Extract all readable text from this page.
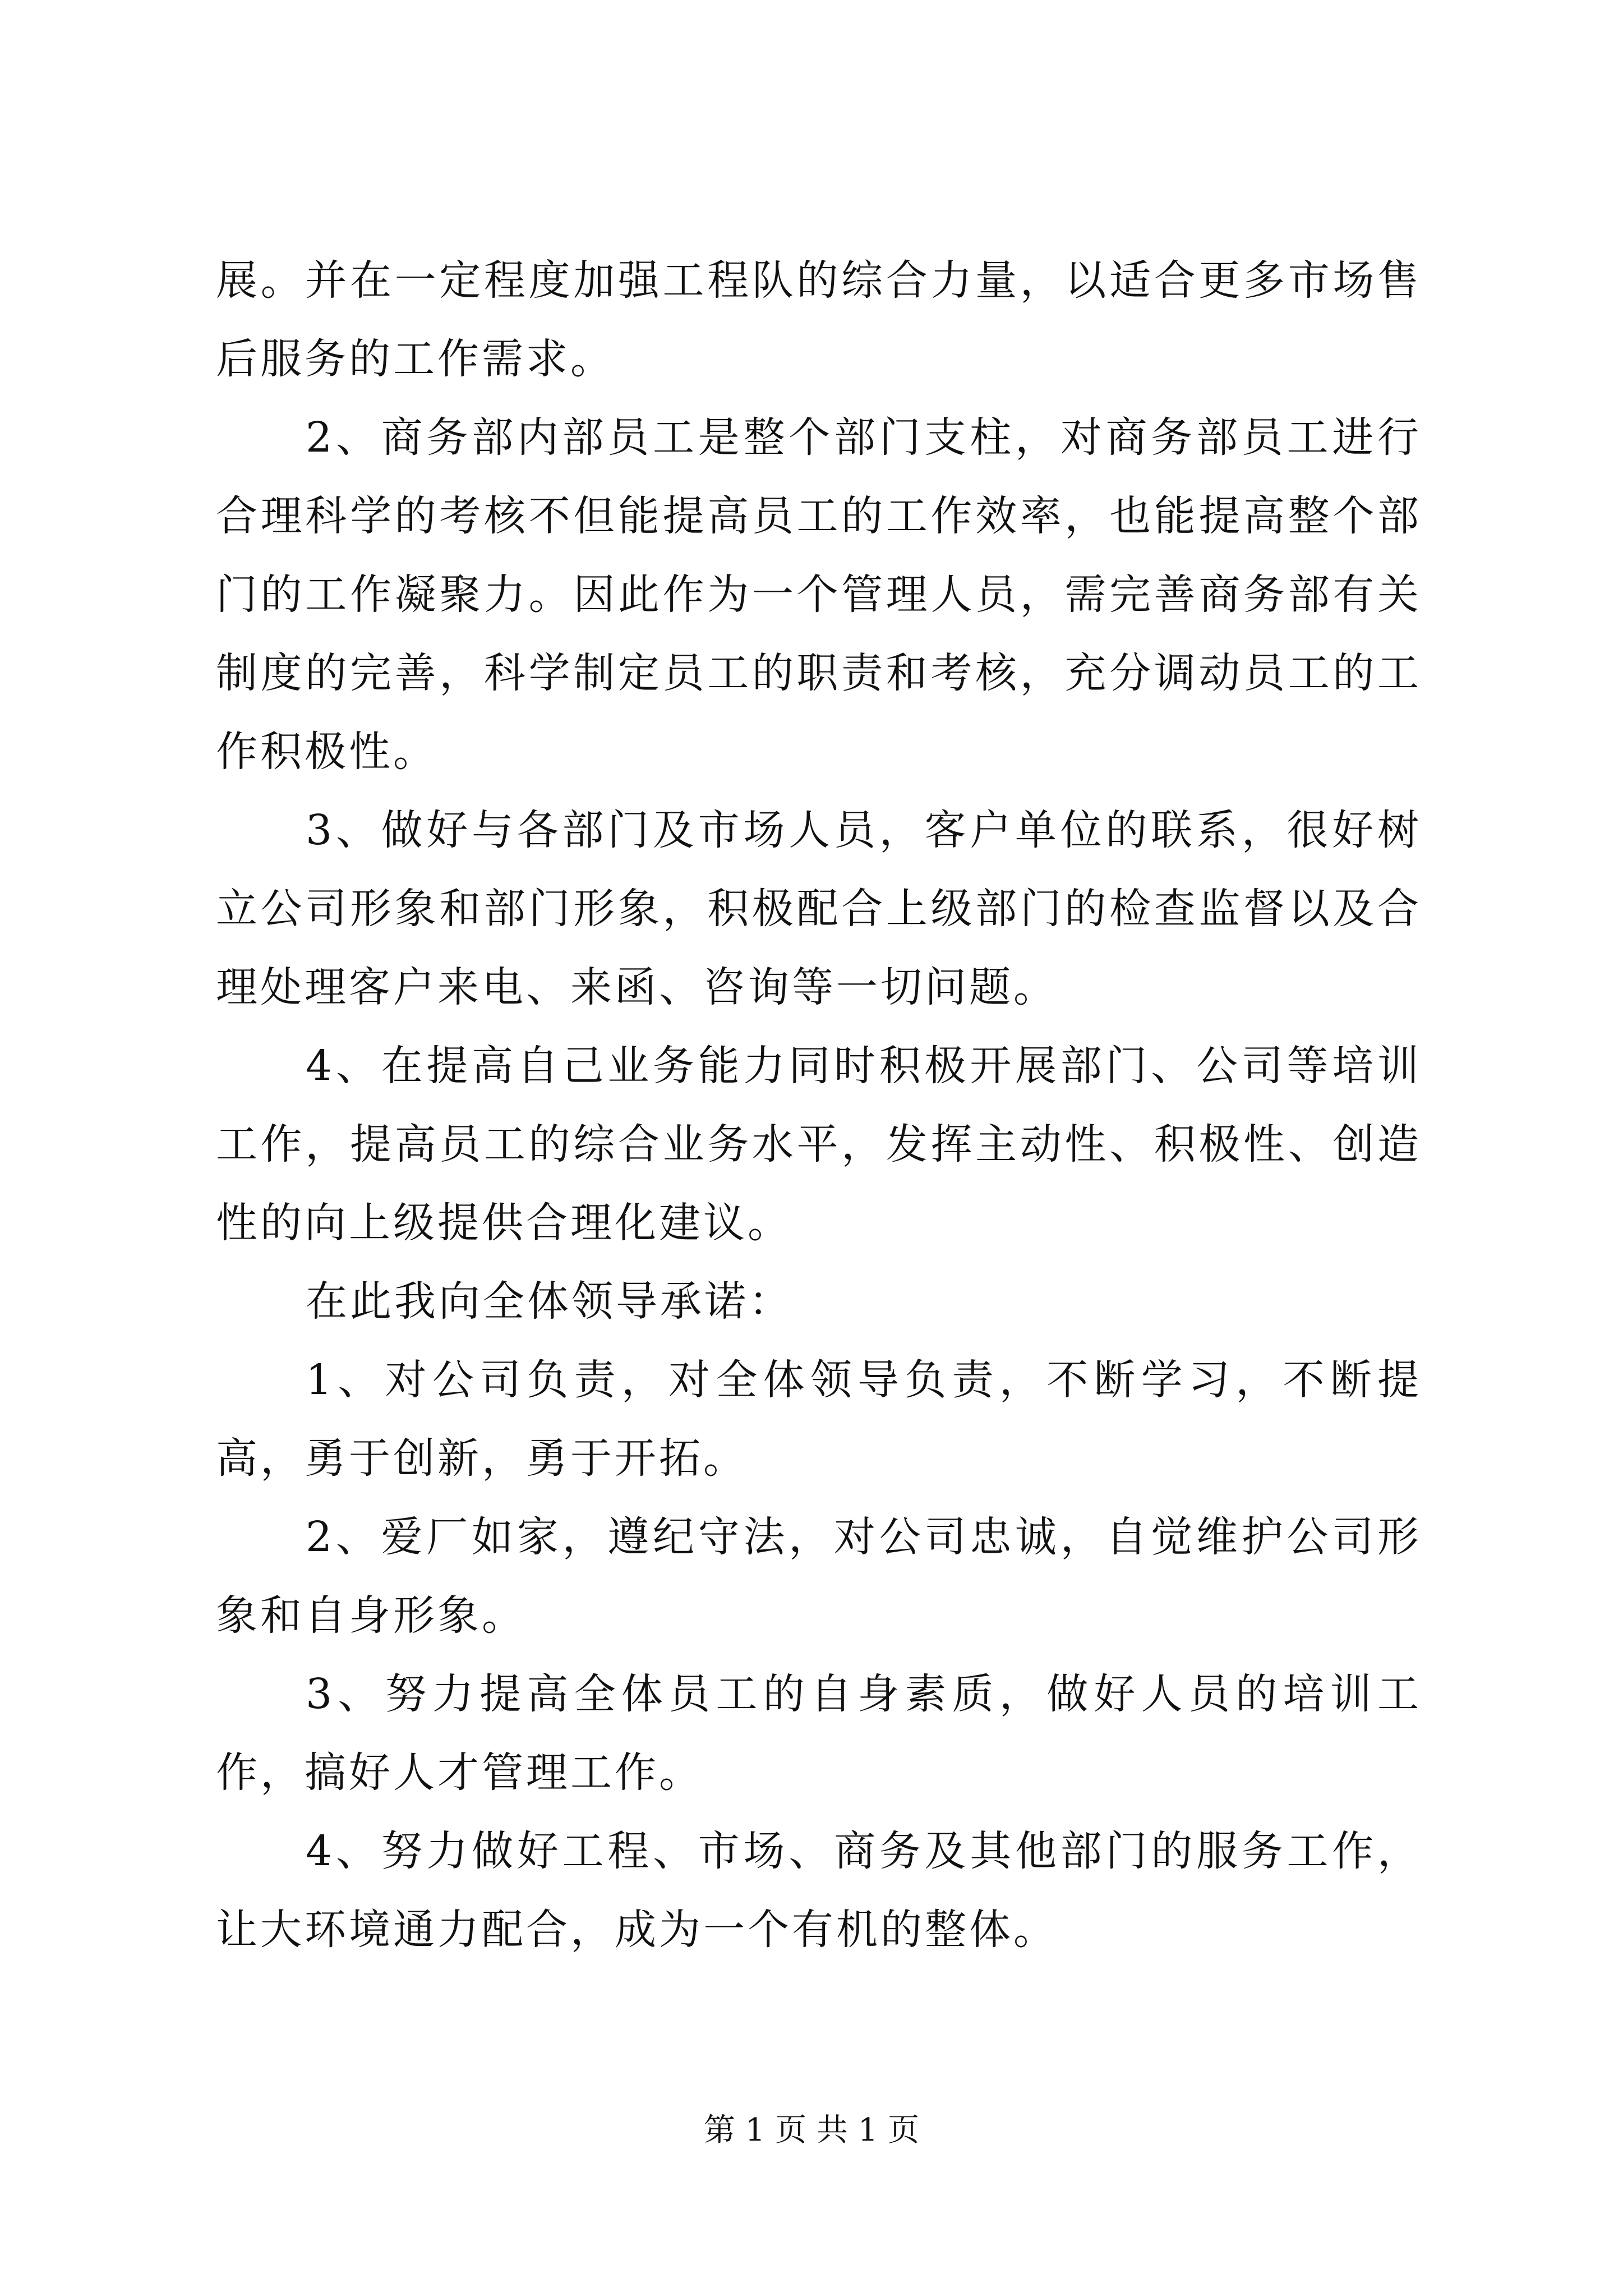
展。并在一定程度加强工程队的综合力量，以适合更多市场售后服务的工作需求。

2、商务部内部员工是整个部门支柱，对商务部员工进行合理科学的考核不但能提高员工的工作效率，也能提高整个部门的工作凝聚力。因此作为一个管理人员，需完善商务部有关制度的完善，科学制定员工的职责和考核，充分调动员工的工作积极性。

3、做好与各部门及市场人员，客户单位的联系，很好树立公司形象和部门形象，积极配合上级部门的检查监督以及合理处理客户来电、来函、咨询等一切问题。

4、在提高自己业务能力同时积极开展部门、公司等培训工作，提高员工的综合业务水平，发挥主动性、积极性、创造性的向上级提供合理化建议。

在此我向全体领导承诺：

1、对公司负责，对全体领导负责，不断学习，不断提高，勇于创新，勇于开拓。

2、爱厂如家，遵纪守法，对公司忠诚，自觉维护公司形象和自身形象。

3、努力提高全体员工的自身素质，做好人员的培训工作，搞好人才管理工作。

4、努力做好工程、市场、商务及其他部门的服务工作，让大环境通力配合，成为一个有机的整体。

第 1 页 共 1 页
